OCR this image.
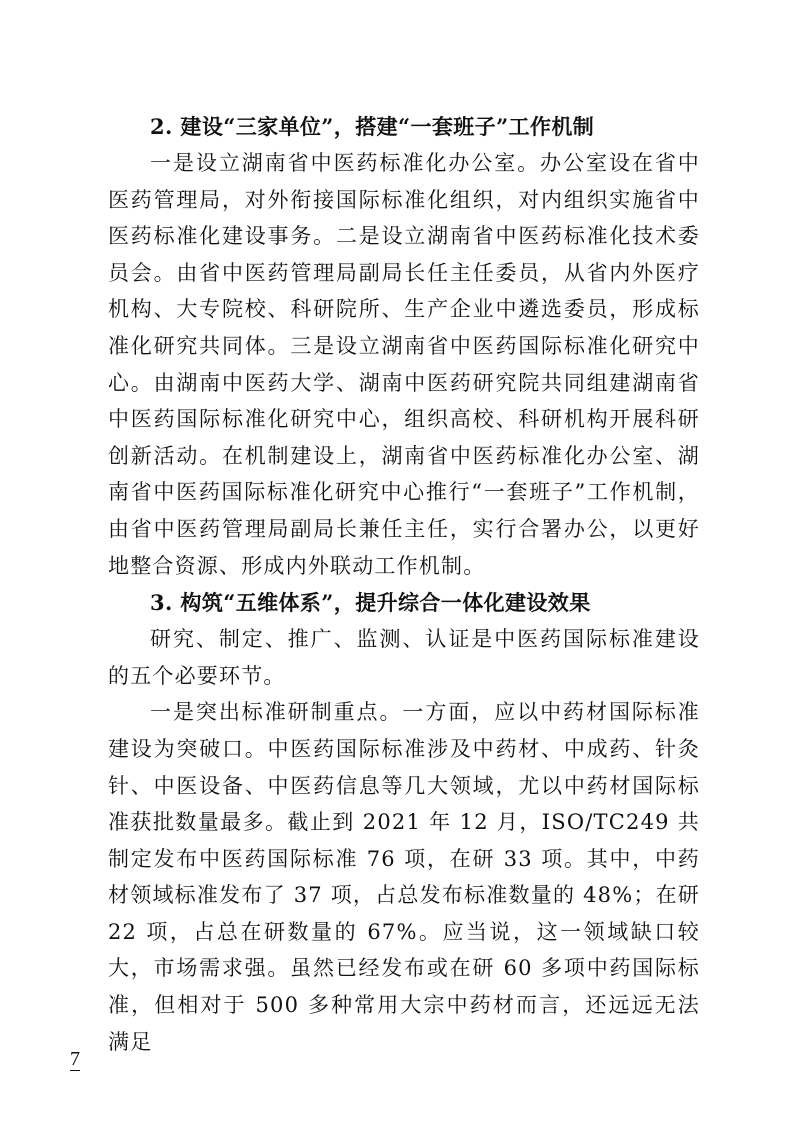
2. 建设“三家单位”，搭建“一套班子”工作机制

一是设立湖南省中医药标准化办公室。办公室设在省中医药管理局，对外衔接国际标准化组织，对内组织实施省中医药标准化建设事务。二是设立湖南省中医药标准化技术委员会。由省中医药管理局副局长任主任委员，从省内外医疗机构、大专院校、科研院所、生产企业中遴选委员，形成标准化研究共同体。三是设立湖南省中医药国际标准化研究中心。由湖南中医药大学、湖南中医药研究院共同组建湖南省中医药国际标准化研究中心，组织高校、科研机构开展科研创新活动。在机制建设上，湖南省中医药标准化办公室、湖南省中医药国际标准化研究中心推行“一套班子”工作机制，由省中医药管理局副局长兼任主任，实行合署办公，以更好地整合资源、形成内外联动工作机制。

3. 构筑“五维体系”，提升综合一体化建设效果

研究、制定、推广、监测、认证是中医药国际标准建设的五个必要环节。

一是突出标准研制重点。一方面，应以中药材国际标准建设为突破口。中医药国际标准涉及中药材、中成药、针灸针、中医设备、中医药信息等几大领域，尤以中药材国际标准获批数量最多。截止到 2021 年 12 月，ISO/TC249 共制定发布中医药国际标准 76 项，在研 33 项。其中，中药材领域标准发布了 37 项，占总发布标准数量的 48%；在研 22 项，占总在研数量的 67%。应当说，这一领域缺口较大，市场需求强。虽然已经发布或在研 60 多项中药国际标准，但相对于 500 多种常用大宗中药材而言，还远远无法满足

7
